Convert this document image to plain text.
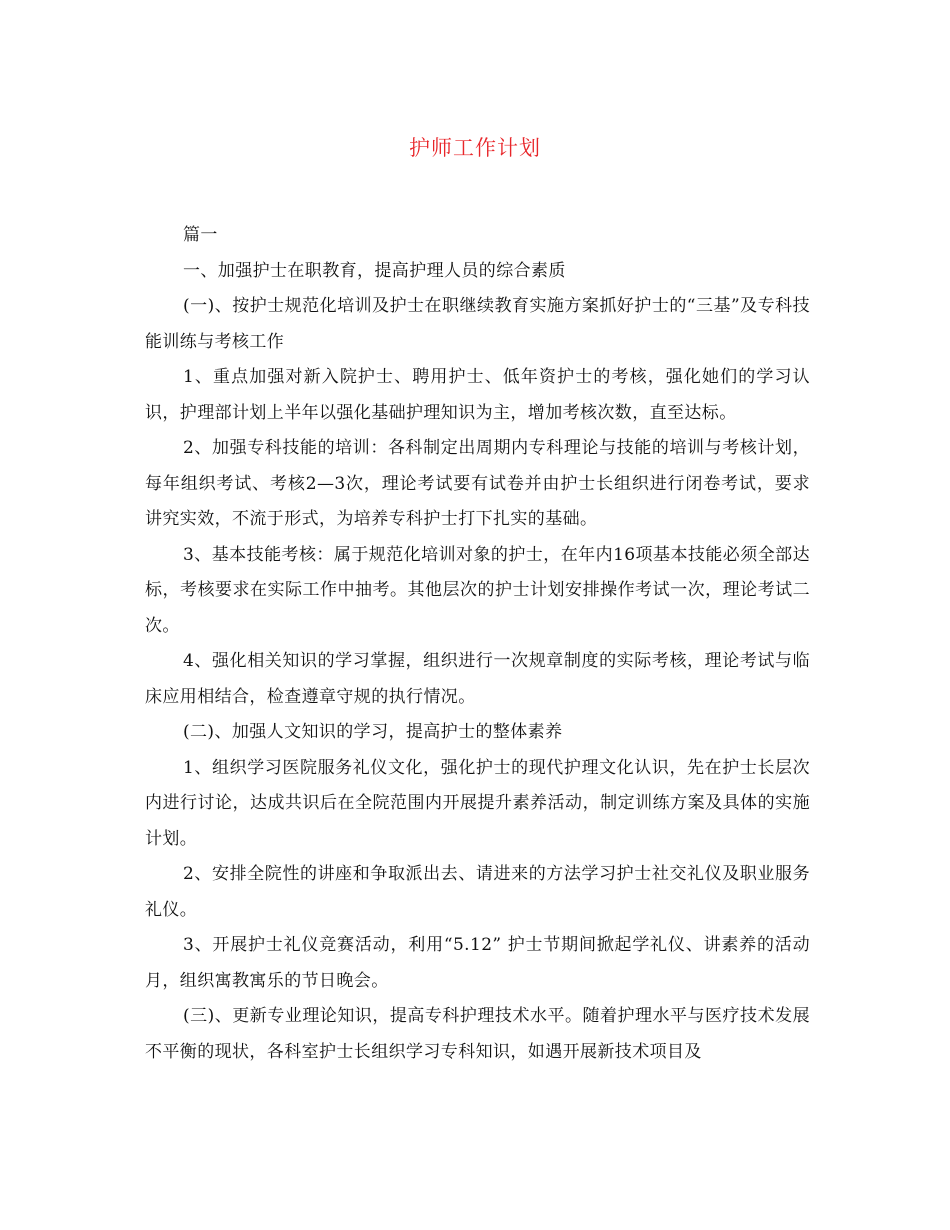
护师工作计划

篇一

一、加强护士在职教育，提高护理人员的综合素质

(一)、按护士规范化培训及护士在职继续教育实施方案抓好护士的“三基”及专科技能训练与考核工作

1、重点加强对新入院护士、聘用护士、低年资护士的考核，强化她们的学习认识，护理部计划上半年以强化基础护理知识为主，增加考核次数，直至达标。

2、加强专科技能的培训：各科制定出周期内专科理论与技能的培训与考核计划，每年组织考试、考核2—3次，理论考试要有试卷并由护士长组织进行闭卷考试，要求讲究实效，不流于形式，为培养专科护士打下扎实的基础。

3、基本技能考核：属于规范化培训对象的护士，在年内16项基本技能必须全部达标，考核要求在实际工作中抽考。其他层次的护士计划安排操作考试一次，理论考试二次。

4、强化相关知识的学习掌握，组织进行一次规章制度的实际考核，理论考试与临床应用相结合，检查遵章守规的执行情况。

(二)、加强人文知识的学习，提高护士的整体素养

1、组织学习医院服务礼仪文化，强化护士的现代护理文化认识，先在护士长层次内进行讨论，达成共识后在全院范围内开展提升素养活动，制定训练方案及具体的实施计划。

2、安排全院性的讲座和争取派出去、请进来的方法学习护士社交礼仪及职业服务礼仪。

3、开展护士礼仪竞赛活动，利用“5.12” 护士节期间掀起学礼仪、讲素养的活动月，组织寓教寓乐的节日晚会。

(三)、更新专业理论知识，提高专科护理技术水平。随着护理水平与医疗技术发展不平衡的现状，各科室护士长组织学习专科知识，如遇开展新技术项目及
